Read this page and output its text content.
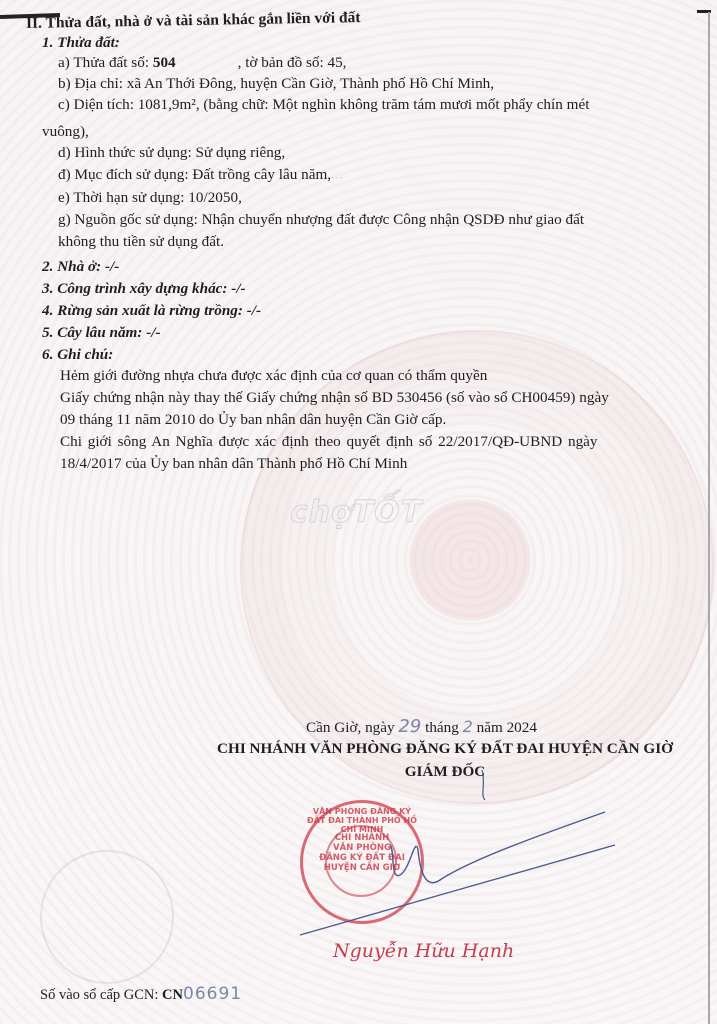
II. Thửa đất, nhà ở và tài sản khác gắn liền với đất
1. Thửa đất:
a) Thửa đất số: 504	, tờ bản đồ số: 45,
b) Địa chỉ: xã An Thới Đông, huyện Cần Giờ, Thành phố Hồ Chí Minh,
c) Diện tích: 1081,9m², (bằng chữ: Một nghìn không trăm tám mươi mốt phẩy chín mét
vuông),
d) Hình thức sử dụng: Sử dụng riêng,
đ) Mục đích sử dụng: Đất trồng cây lâu năm,
···
e) Thời hạn sử dụng: 10/2050,
g) Nguồn gốc sử dụng: Nhận chuyển nhượng đất được Công nhận QSDĐ như giao đất
không thu tiền sử dụng đất.
2. Nhà ở: -/-
3. Công trình xây dựng khác: -/-
4. Rừng sản xuất là rừng trồng: -/-
5. Cây lâu năm: -/-
6. Ghi chú:
Hẻm giới đường nhựa chưa được xác định của cơ quan có thẩm quyền
Giấy chứng nhận này thay thế Giấy chứng nhận số BD 530456 (số vào sổ CH00459) ngày
09 tháng 11 năm 2010 do Ủy ban nhân dân huyện Cần Giờ cấp.
Chi giới sông An Nghĩa được xác định theo quyết định số 22/2017/QĐ-UBND ngày
18/4/2017 của Ủy ban nhân dân Thành phố Hồ Chí Minh
chợTỐT
Cần Giờ, ngày 29 tháng 2 năm 2024
CHI NHÁNH VĂN PHÒNG ĐĂNG KÝ ĐẤT ĐAI HUYỆN CẦN GIỜ
GIÁM ĐỐC
VĂN PHÒNG ĐĂNG KÝ ĐẤT ĐAI THÀNH PHỐ HỒ CHÍ MINH
CHI NHÁNH
VĂN PHÒNG
ĐĂNG KÝ ĐẤT ĐAI
HUYỆN CẦN GIỜ
Nguyễn Hữu Hạnh
Số vào sổ cấp GCN: CN06691
